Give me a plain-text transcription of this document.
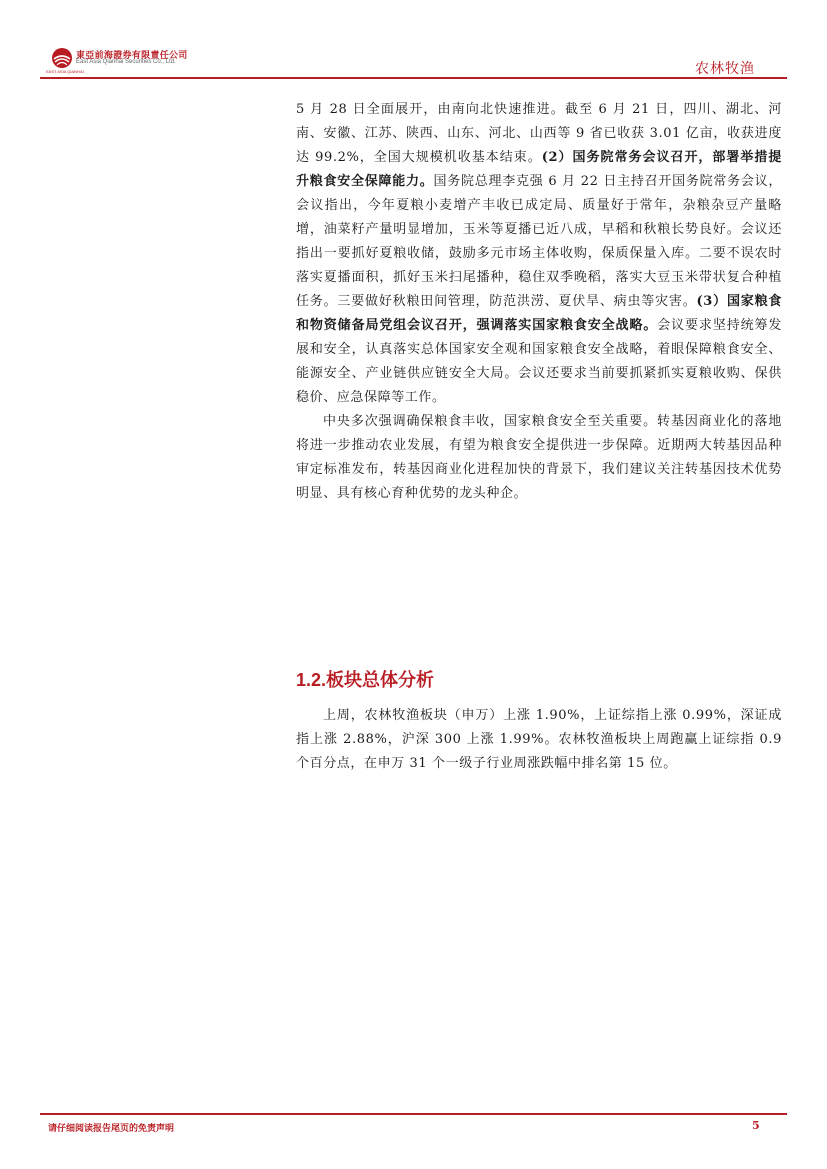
EAST ASIA QIANHAI
東亞前海證券有限責任公司
East Asia Qianhai Securities Co., Ltd.	农林牧渔

5 月 28 日全面展开，由南向北快速推进。截至 6 月 21 日，四川、湖北、河南、安徽、江苏、陕西、山东、河北、山西等 9 省已收获 3.01 亿亩，收获进度达 99.2%，全国大规模机收基本结束。(2）国务院常务会议召开，部署举措提升粮食安全保障能力。国务院总理李克强 6 月 22 日主持召开国务院常务会议，会议指出，今年夏粮小麦增产丰收已成定局、质量好于常年，杂粮杂豆产量略增，油菜籽产量明显增加，玉米等夏播已近八成，早稻和秋粮长势良好。会议还指出一要抓好夏粮收储，鼓励多元市场主体收购，保质保量入库。二要不误农时落实夏播面积，抓好玉米扫尾播种，稳住双季晚稻，落实大豆玉米带状复合种植任务。三要做好秋粮田间管理，防范洪涝、夏伏旱、病虫等灾害。(3）国家粮食和物资储备局党组会议召开，强调落实国家粮食安全战略。会议要求坚持统筹发展和安全，认真落实总体国家安全观和国家粮食安全战略，着眼保障粮食安全、能源安全、产业链供应链安全大局。会议还要求当前要抓紧抓实夏粮收购、保供稳价、应急保障等工作。

中央多次强调确保粮食丰收，国家粮食安全至关重要。转基因商业化的落地将进一步推动农业发展，有望为粮食安全提供进一步保障。近期两大转基因品种审定标准发布，转基因商业化进程加快的背景下，我们建议关注转基因技术优势明显、具有核心育种优势的龙头种企。

1.2.板块总体分析

上周，农林牧渔板块（申万）上涨 1.90%，上证综指上涨 0.99%，深证成指上涨 2.88%，沪深 300 上涨 1.99%。农林牧渔板块上周跑赢上证综指 0.9 个百分点，在申万 31 个一级子行业周涨跌幅中排名第 15 位。

请仔细阅读报告尾页的免责声明	5
